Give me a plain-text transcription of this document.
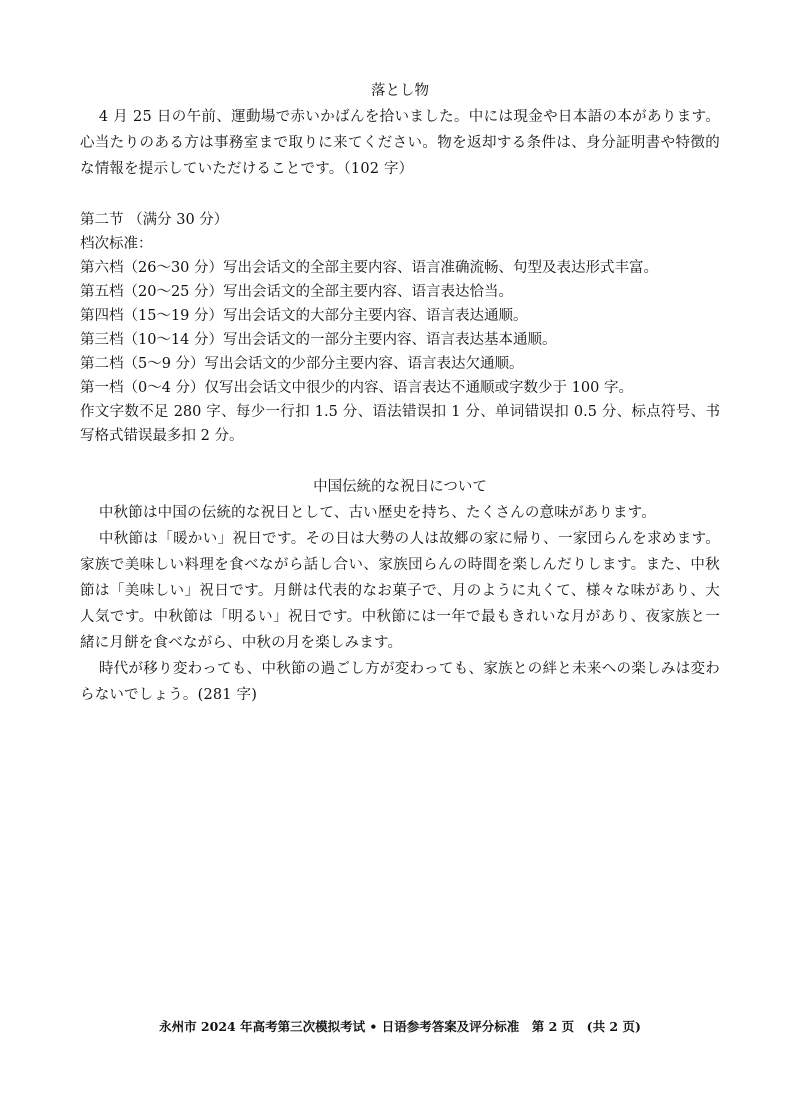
落とし物

4 月 25 日の午前、運動場で赤いかばんを拾いました。中には現金や日本語の本があります。心当たりのある方は事務室まで取りに来てください。物を返却する条件は、身分証明書や特徴的な情報を提示していただけることです。（102 字）

第二节 （满分 30 分）

档次标准：

第六档（26～30 分）写出会话文的全部主要内容、语言准确流畅、句型及表达形式丰富。

第五档（20～25 分）写出会话文的全部主要内容、语言表达恰当。

第四档（15～19 分）写出会话文的大部分主要内容、语言表达通顺。

第三档（10～14 分）写出会话文的一部分主要内容、语言表达基本通顺。

第二档（5～9 分）写出会话文的少部分主要内容、语言表达欠通顺。

第一档（0～4 分）仅写出会话文中很少的内容、语言表达不通顺或字数少于 100 字。

作文字数不足 280 字、每少一行扣 1.5 分、语法错误扣 1 分、单词错误扣 0.5 分、标点符号、书写格式错误最多扣 2 分。

中国伝統的な祝日について

中秋節は中国の伝統的な祝日として、古い歴史を持ち、たくさんの意味があります。

中秋節は「暖かい」祝日です。その日は大勢の人は故郷の家に帰り、一家団らんを求めます。家族で美味しい料理を食べながら話し合い、家族団らんの時間を楽しんだりします。また、中秋節は「美味しい」祝日です。月餅は代表的なお菓子で、月のように丸くて、様々な味があり、大人気です。中秋節は「明るい」祝日です。中秋節には一年で最もきれいな月があり、夜家族と一緒に月餅を食べながら、中秋の月を楽しみます。

時代が移り変わっても、中秋節の過ごし方が変わっても、家族との絆と未来への楽しみは変わらないでしょう。(281 字)

永州市 2024 年高考第三次模拟考试 • 日语参考答案及评分标准　第 2 页　(共 2 页)
